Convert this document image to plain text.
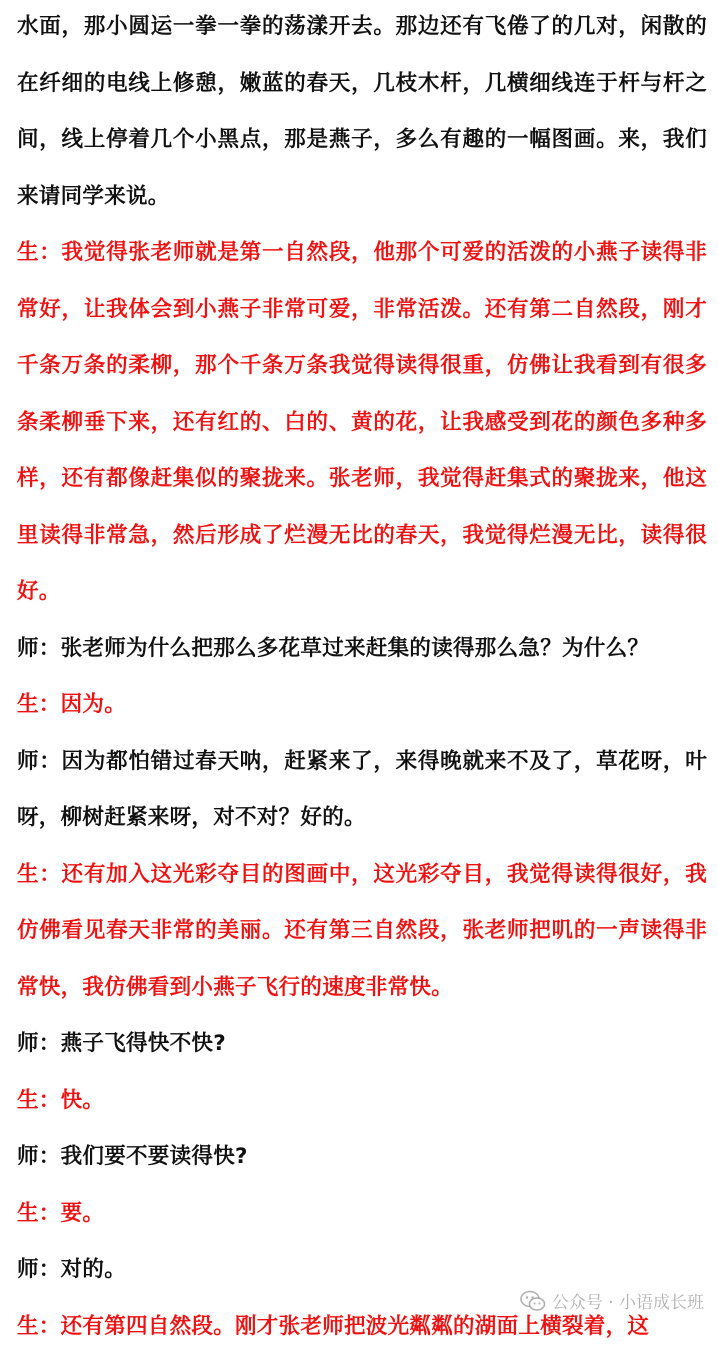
水面，那小圆运一拳一拳的荡漾开去。那边还有飞倦了的几对，闲散的在纤细的电线上修憩，嫩蓝的春天，几枝木杆，几横细线连于杆与杆之间，线上停着几个小黑点，那是燕子，多么有趣的一幅图画。来，我们来请同学来说。

生：我觉得张老师就是第一自然段，他那个可爱的活泼的小燕子读得非常好，让我体会到小燕子非常可爱，非常活泼。还有第二自然段，刚才千条万条的柔柳，那个千条万条我觉得读得很重，仿佛让我看到有很多条柔柳垂下来，还有红的、白的、黄的花，让我感受到花的颜色多种多样，还有都像赶集似的聚拢来。张老师，我觉得赶集式的聚拢来，他这里读得非常急，然后形成了烂漫无比的春天，我觉得烂漫无比，读得很好。

师：张老师为什么把那么多花草过来赶集的读得那么急？为什么？

生：因为。

师：因为都怕错过春天呐，赶紧来了，来得晚就来不及了，草花呀，叶呀，柳树赶紧来呀，对不对？好的。

生：还有加入这光彩夺目的图画中，这光彩夺目，我觉得读得很好，我仿佛看见春天非常的美丽。还有第三自然段，张老师把叽的一声读得非常快，我仿佛看到小燕子飞行的速度非常快。

师：燕子飞得快不快?

生：快。

师：我们要不要读得快?

生：要。

师：对的。

生：还有第四自然段。刚才张老师把波光粼粼的湖面上横裂着，这

公众号 · 小语成长班
